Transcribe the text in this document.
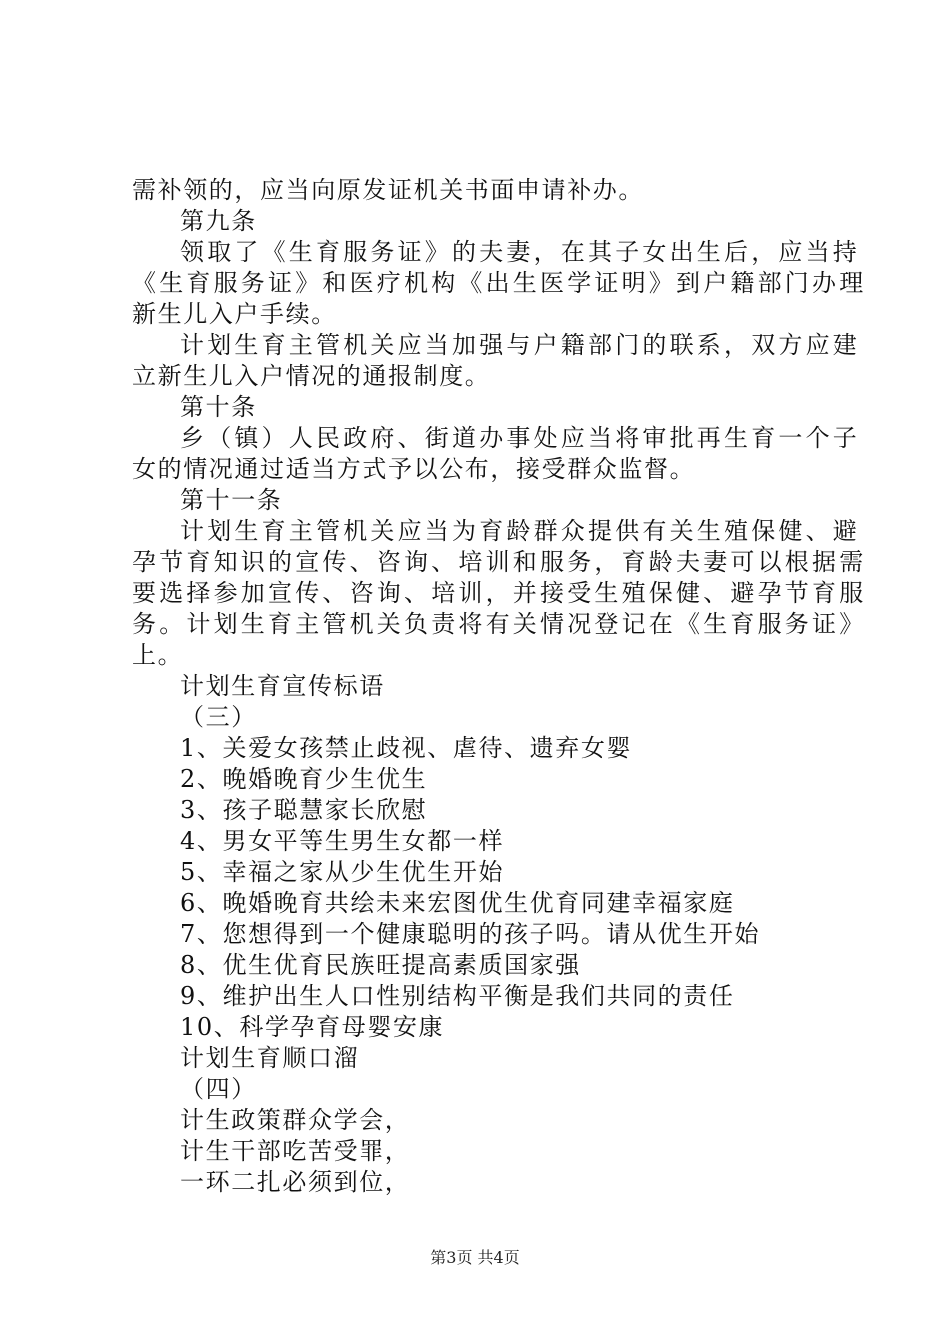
需补领的，应当向原发证机关书面申请补办。
第九条
领取了《生育服务证》的夫妻，在其子女出生后，应当持
《生育服务证》和医疗机构《出生医学证明》到户籍部门办理
新生儿入户手续。
计划生育主管机关应当加强与户籍部门的联系，双方应建
立新生儿入户情况的通报制度。
第十条
乡（镇）人民政府、街道办事处应当将审批再生育一个子
女的情况通过适当方式予以公布，接受群众监督。
第十一条
计划生育主管机关应当为育龄群众提供有关生殖保健、避
孕节育知识的宣传、咨询、培训和服务，育龄夫妻可以根据需
要选择参加宣传、咨询、培训，并接受生殖保健、避孕节育服
务。计划生育主管机关负责将有关情况登记在《生育服务证》
上。
计划生育宣传标语
（三）
1、关爱女孩禁止歧视、虐待、遗弃女婴
2、晚婚晚育少生优生
3、孩子聪慧家长欣慰
4、男女平等生男生女都一样
5、幸福之家从少生优生开始
6、晚婚晚育共绘未来宏图优生优育同建幸福家庭
7、您想得到一个健康聪明的孩子吗。请从优生开始
8、优生优育民族旺提高素质国家强
9、维护出生人口性别结构平衡是我们共同的责任
10、科学孕育母婴安康
计划生育顺口溜
（四）
计生政策群众学会，
计生干部吃苦受罪，
一环二扎必须到位，
第3页 共4页
